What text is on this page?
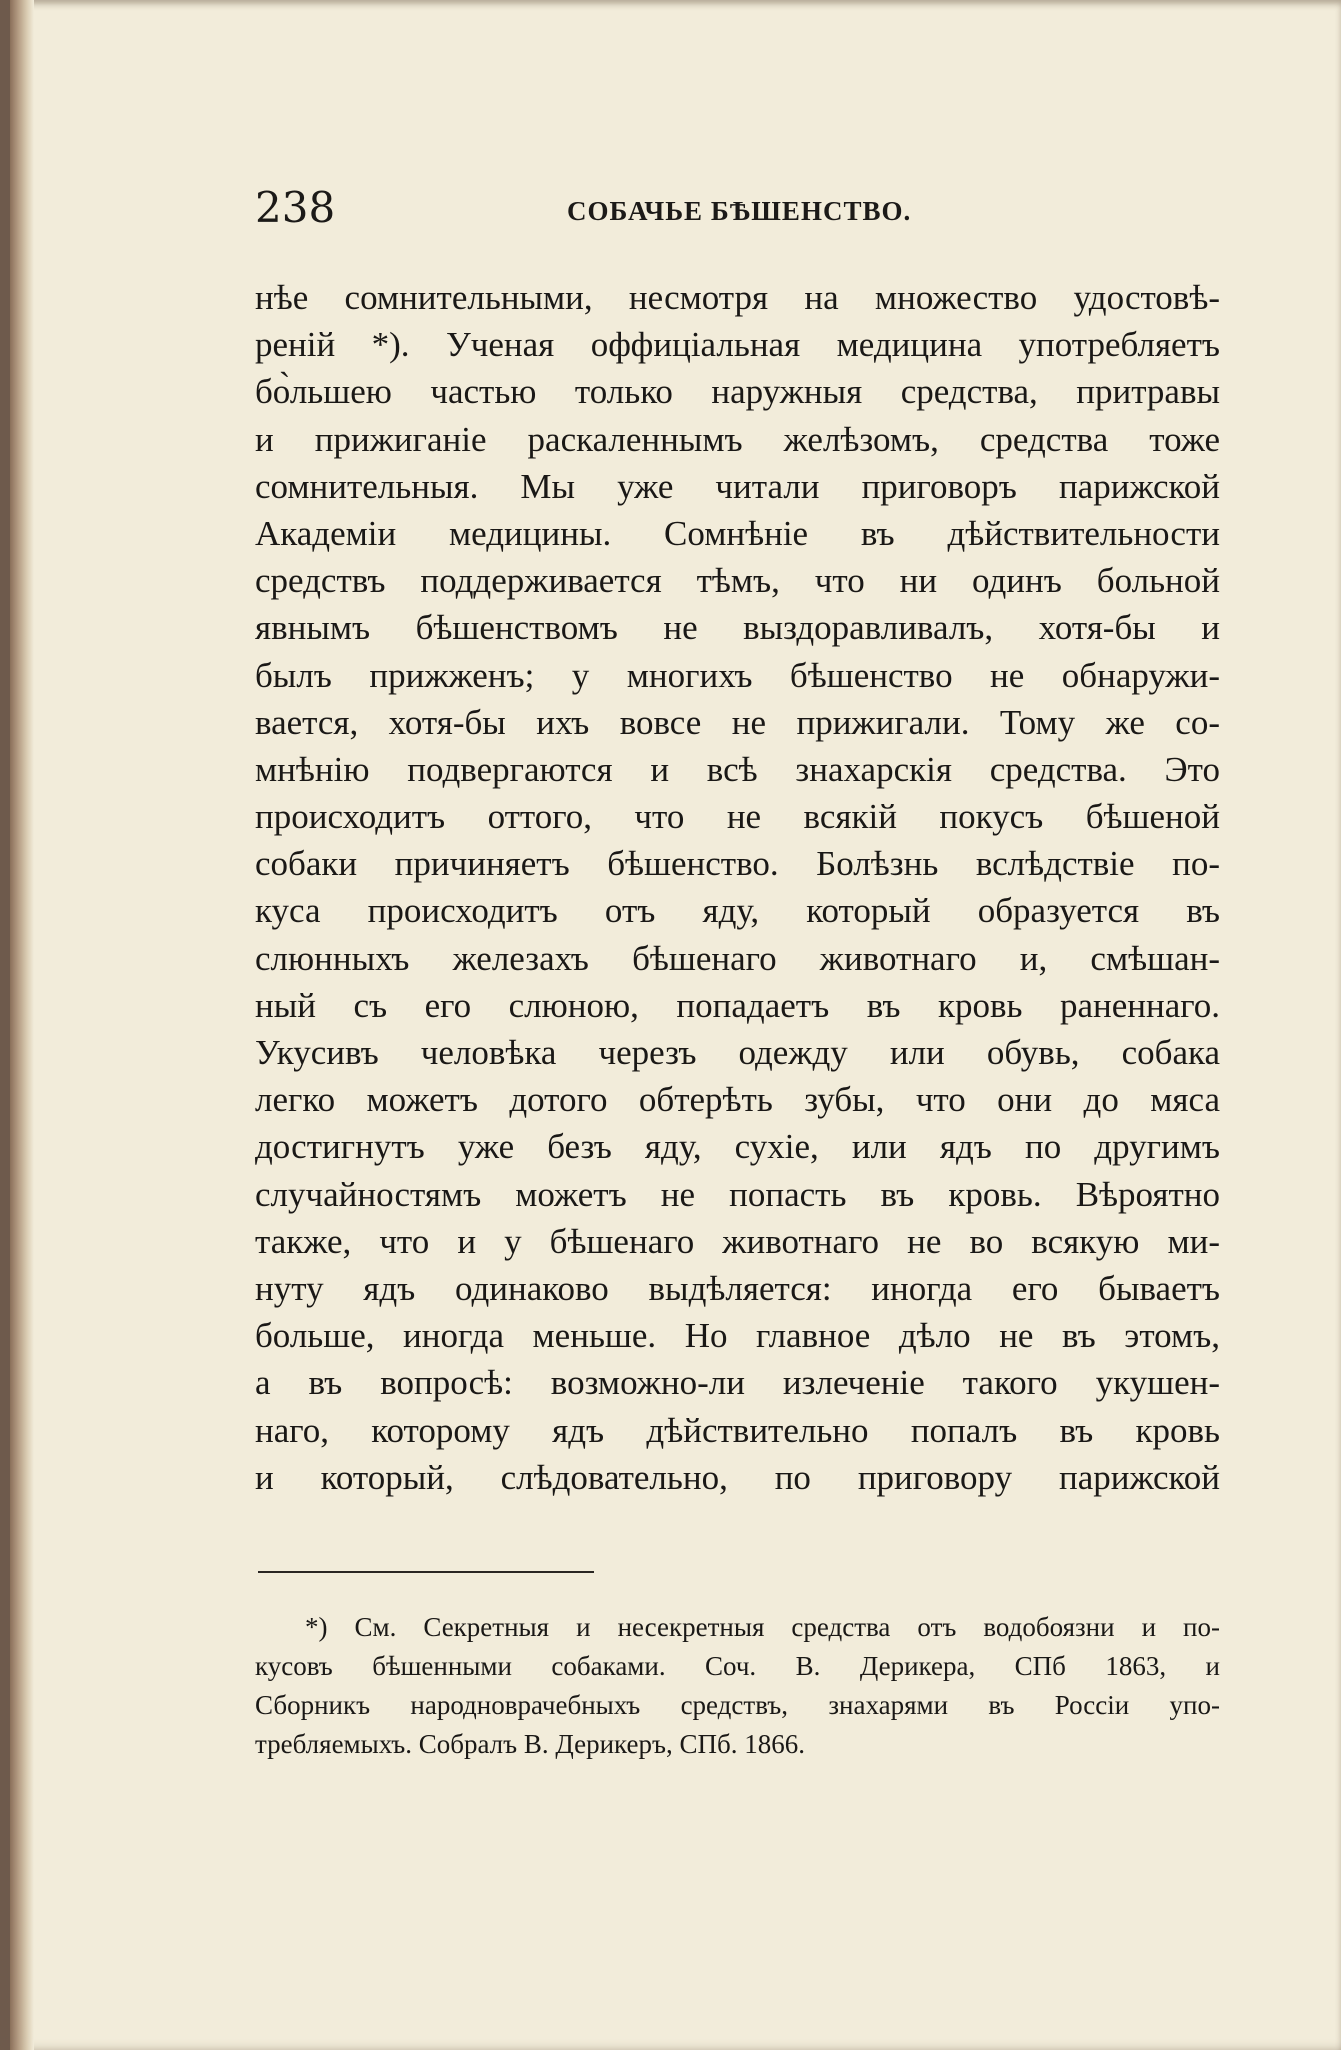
238	СОБАЧЬЕ БѢШЕНСТВО.
нѣе сомнительными, несмотря на множество удостовѣ-
реній *). Ученая оффиціальная медицина употребляетъ
бо̀льшею частью только наружныя средства, притравы
и прижиганіе раскаленнымъ желѣзомъ, средства тоже
сомнительныя. Мы уже читали приговоръ парижской
Академіи медицины. Сомнѣніе въ дѣйствительности
средствъ поддерживается тѣмъ, что ни одинъ больной
явнымъ бѣшенствомъ не выздоравливалъ, хотя-бы и
былъ прижженъ; у многихъ бѣшенство не обнаружи-
вается, хотя-бы ихъ вовсе не прижигали. Тому же со-
мнѣнію подвергаются и всѣ знахарскія средства. Это
происходитъ оттого, что не всякій покусъ бѣшеной
собаки причиняетъ бѣшенство. Болѣзнь вслѣдствіе по-
куса происходитъ отъ яду, который образуется въ
слюнныхъ железахъ бѣшенаго животнаго и, смѣшан-
ный съ его слюною, попадаетъ въ кровь раненнаго.
Укусивъ человѣка черезъ одежду или обувь, собака
легко можетъ дотого обтерѣть зубы, что они до мяса
достигнутъ уже безъ яду, сухіе, или ядъ по другимъ
случайностямъ можетъ не попасть въ кровь. Вѣроятно
также, что и у бѣшенаго животнаго не во всякую ми-
нуту ядъ одинаково выдѣляется: иногда его бываетъ
больше, иногда меньше. Но главное дѣло не въ этомъ,
а въ вопросѣ: возможно-ли излеченіе такого укушен-
наго, которому ядъ дѣйствительно попалъ въ кровь
и который, слѣдовательно, по приговору парижской
*) См. Секретныя и несекретныя средства отъ водобоязни и по-
кусовъ бѣшенными собаками. Соч. В. Дерикера, СПб 1863, и
Сборникъ народноврачебныхъ средствъ, знахарями въ Россіи упо-
требляемыхъ. Собралъ В. Дерикеръ, СПб. 1866.
